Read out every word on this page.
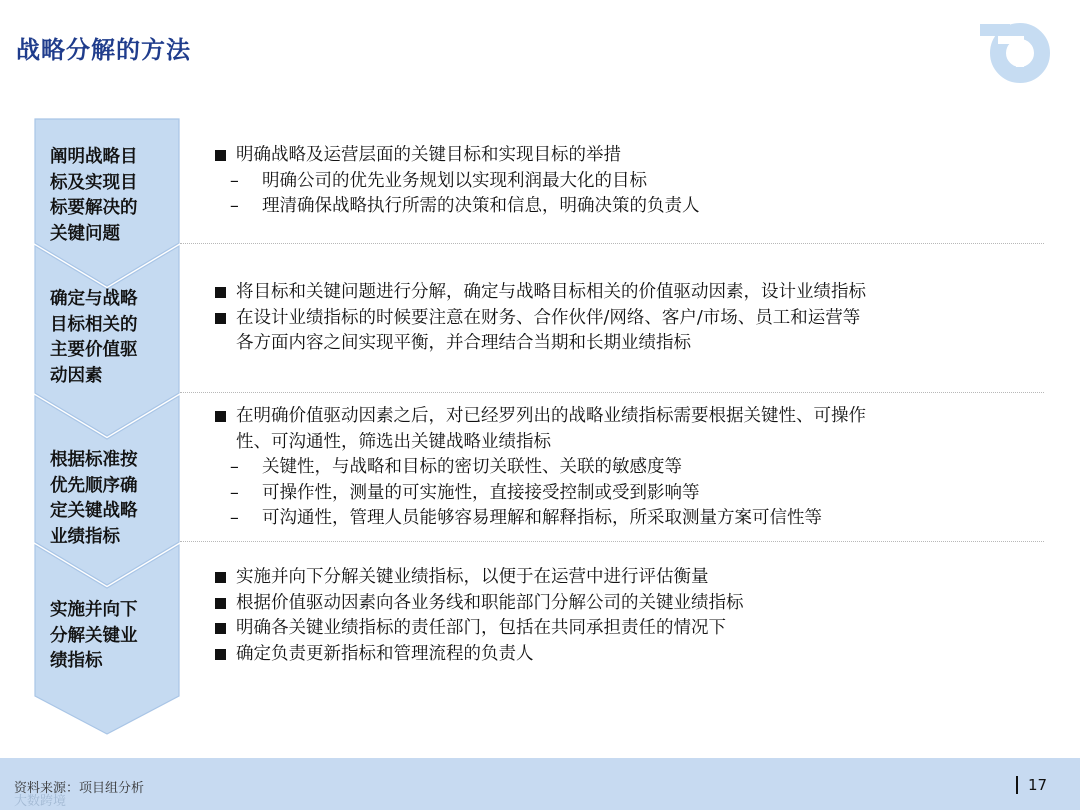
战略分解的方法
阐明战略目
标及实现目
标要解决的
关键问题
确定与战略
目标相关的
主要价值驱
动因素
根据标准按
优先顺序确
定关键战略
业绩指标
实施并向下
分解关键业
绩指标
明确战略及运营层面的关键目标和实现目标的举措
– 明确公司的优先业务规划以实现利润最大化的目标
– 理清确保战略执行所需的决策和信息，明确决策的负责人
将目标和关键问题进行分解，确定与战略目标相关的价值驱动因素，设计业绩指标
在设计业绩指标的时候要注意在财务、合作伙伴/网络、客户/市场、员工和运营等
各方面内容之间实现平衡，并合理结合当期和长期业绩指标
在明确价值驱动因素之后，对已经罗列出的战略业绩指标需要根据关键性、可操作
性、可沟通性，筛选出关键战略业绩指标
– 关键性，与战略和目标的密切关联性、关联的敏感度等
– 可操作性，测量的可实施性，直接接受控制或受到影响等
– 可沟通性，管理人员能够容易理解和解释指标，所采取测量方案可信性等
实施并向下分解关键业绩指标，以便于在运营中进行评估衡量
根据价值驱动因素向各业务线和职能部门分解公司的关键业绩指标
明确各关键业绩指标的责任部门，包括在共同承担责任的情况下
确定负责更新指标和管理流程的负责人
资料来源：项目组分析
大数跨境
17
